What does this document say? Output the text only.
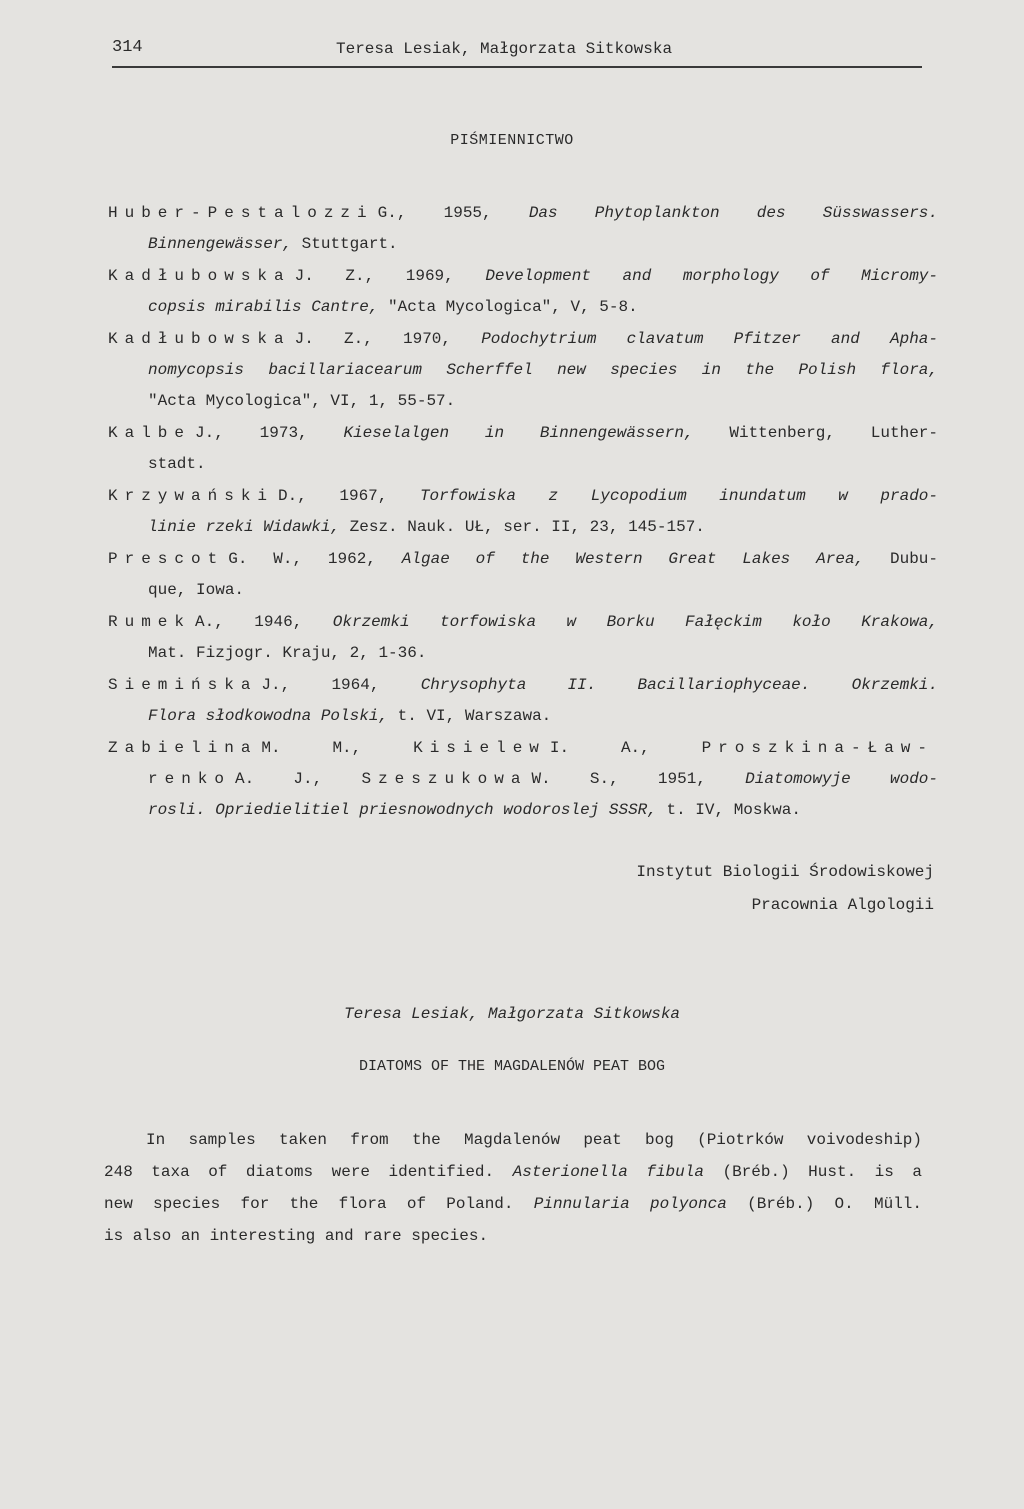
314	Teresa Lesiak, Małgorzata Sitkowska
PIŚMIENNICTWO
Huber-Pestalozzi G., 1955, Das Phytoplankton des Süsswassers.
Binnengewässer, Stuttgart.
Kadłubowska J. Z., 1969, Development and morphology of Micromy-
copsis mirabilis Cantre, "Acta Mycologica", V, 5-8.
Kadłubowska J. Z., 1970, Podochytrium clavatum Pfitzer and Apha-
nomycopsis bacillariacearum Scherffel new species in the Polish flora,
"Acta Mycologica", VI, 1, 55-57.
Kalbe J., 1973, Kieselalgen in Binnengewässern, Wittenberg, Luther-
stadt.
Krzywański D., 1967, Torfowiska z Lycopodium inundatum w prado-
linie rzeki Widawki, Zesz. Nauk. UŁ, ser. II, 23, 145-157.
Prescot G. W., 1962, Algae of the Western Great Lakes Area, Dubu-
que, Iowa.
Rumek A., 1946, Okrzemki torfowiska w Borku Fałęckim koło Krakowa,
Mat. Fizjogr. Kraju, 2, 1-36.
Siemińska J., 1964, Chrysophyta II. Bacillariophyceae. Okrzemki.
Flora słodkowodna Polski, t. VI, Warszawa.
Zabielina M. M., Kisielew I. A., Proszkina-Ław-
renko A. J., Szeszukowa W. S., 1951, Diatomowyje wodo-
rosli. Opriedielitiel priesnowodnych wodoroslej SSSR, t. IV, Moskwa.
Instytut Biologii Środowiskowej
Pracownia Algologii
Teresa Lesiak, Małgorzata Sitkowska
DIATOMS OF THE MAGDALENÓW PEAT BOG
In samples taken from the Magdalenów peat bog (Piotrków voivodeship)
248 taxa of diatoms were identified. Asterionella fibula (Bréb.) Hust. is a
new species for the flora of Poland. Pinnularia polyonca (Bréb.) O. Müll.
is also an interesting and rare species.
